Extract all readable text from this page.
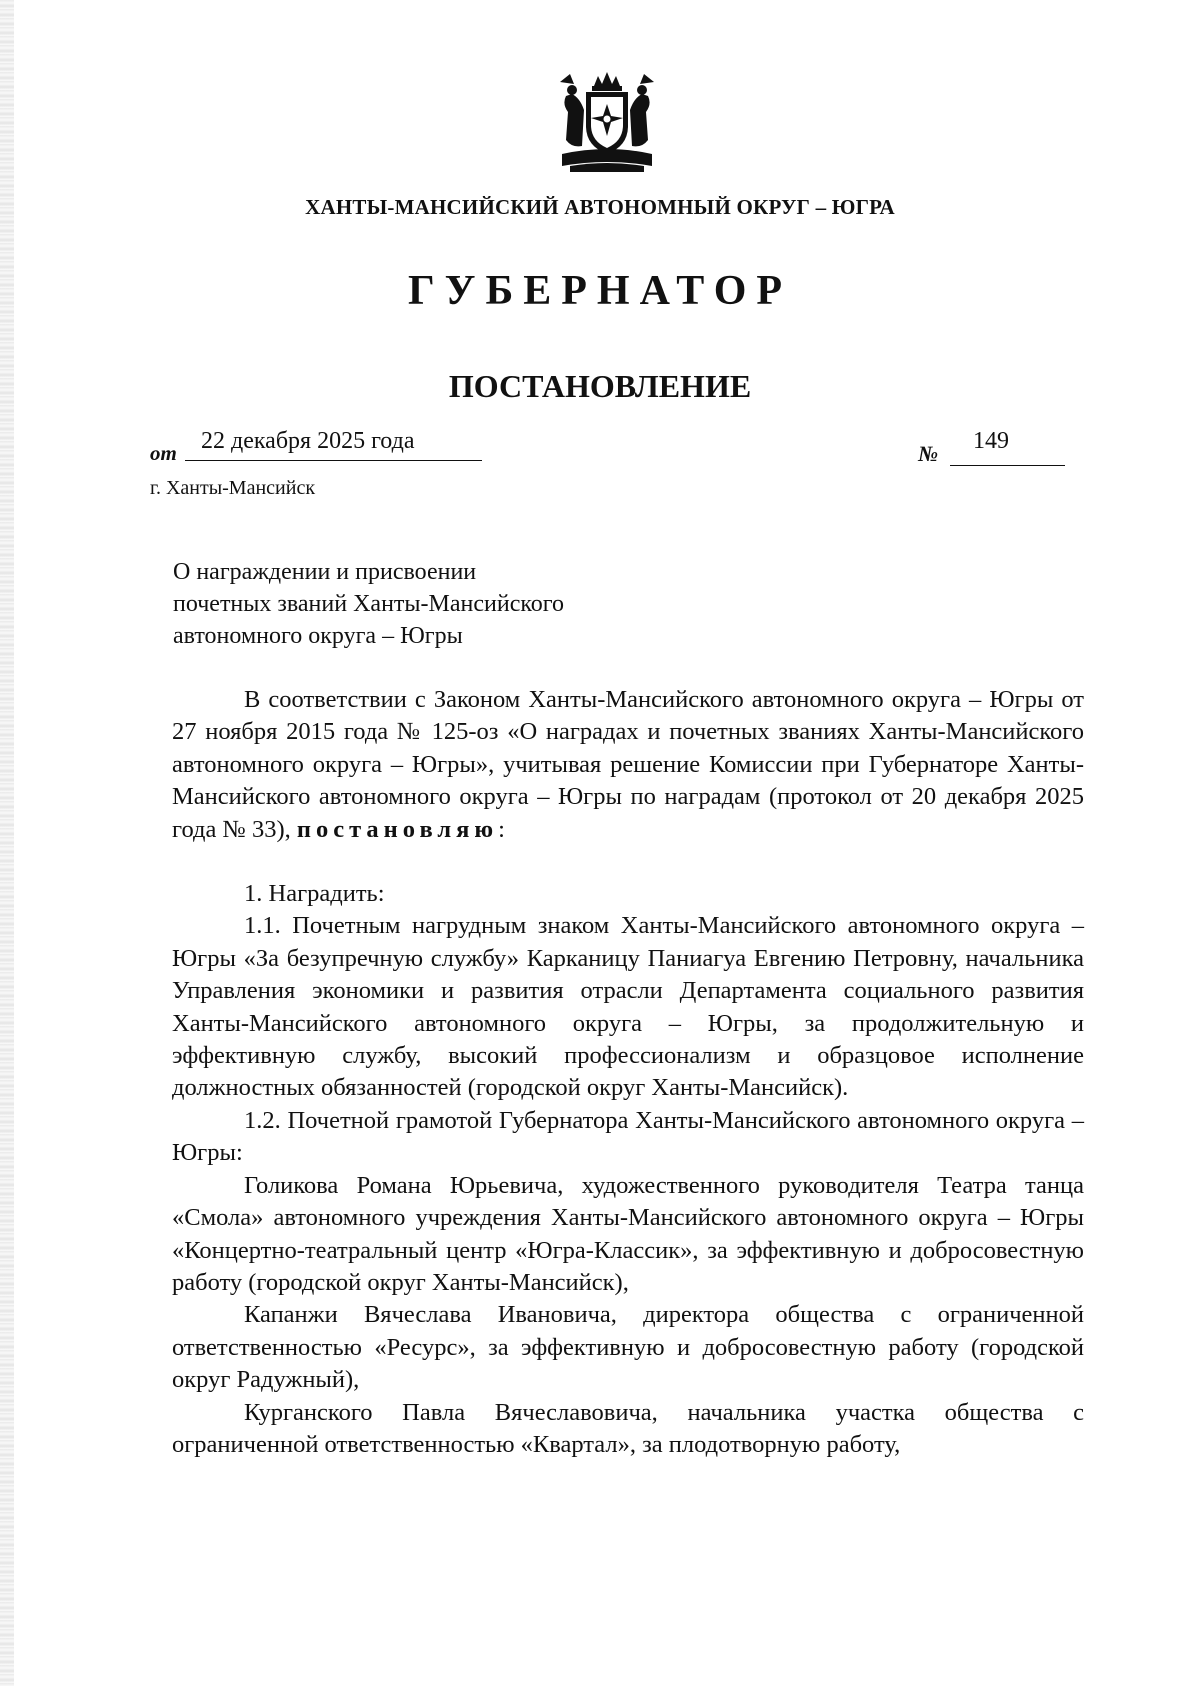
ХАНТЫ-МАНСИЙСКИЙ АВТОНОМНЫЙ ОКРУГ – ЮГРА
ГУБЕРНАТОР
ПОСТАНОВЛЕНИЕ
от 22 декабря 2025 года	№ 149
г. Ханты-Мансийск
О награждении и присвоении
почетных званий Ханты-Мансийского
автономного округа – Югры

В соответствии с Законом Ханты-Мансийского автономного округа – Югры от 27 ноября 2015 года № 125-оз «О наградах и почетных званиях Ханты-Мансийского автономного округа – Югры», учитывая решение Комиссии при Губернаторе Ханты-Мансийского автономного округа – Югры по наградам (протокол от 20 декабря 2025 года № 33), постановляю:

1. Наградить:

1.1. Почетным нагрудным знаком Ханты-Мансийского автономного округа – Югры «За безупречную службу» Карканицу Паниагуа Евгению Петровну, начальника Управления экономики и развития отрасли Департамента социального развития Ханты-Мансийского автономного округа – Югры, за продолжительную и эффективную службу, высокий профессионализм и образцовое исполнение должностных обязанностей (городской округ Ханты-Мансийск).

1.2. Почетной грамотой Губернатора Ханты-Мансийского автономного округа – Югры:

Голикова Романа Юрьевича, художественного руководителя Театра танца «Смола» автономного учреждения Ханты-Мансийского автономного округа – Югры «Концертно-театральный центр «Югра-Классик», за эффективную и добросовестную работу (городской округ Ханты-Мансийск),

Капанжи Вячеслава Ивановича, директора общества с ограниченной ответственностью «Ресурс», за эффективную и добросовестную работу (городской округ Радужный),

Курганского Павла Вячеславовича, начальника участка общества с ограниченной ответственностью «Квартал», за плодотворную работу,
